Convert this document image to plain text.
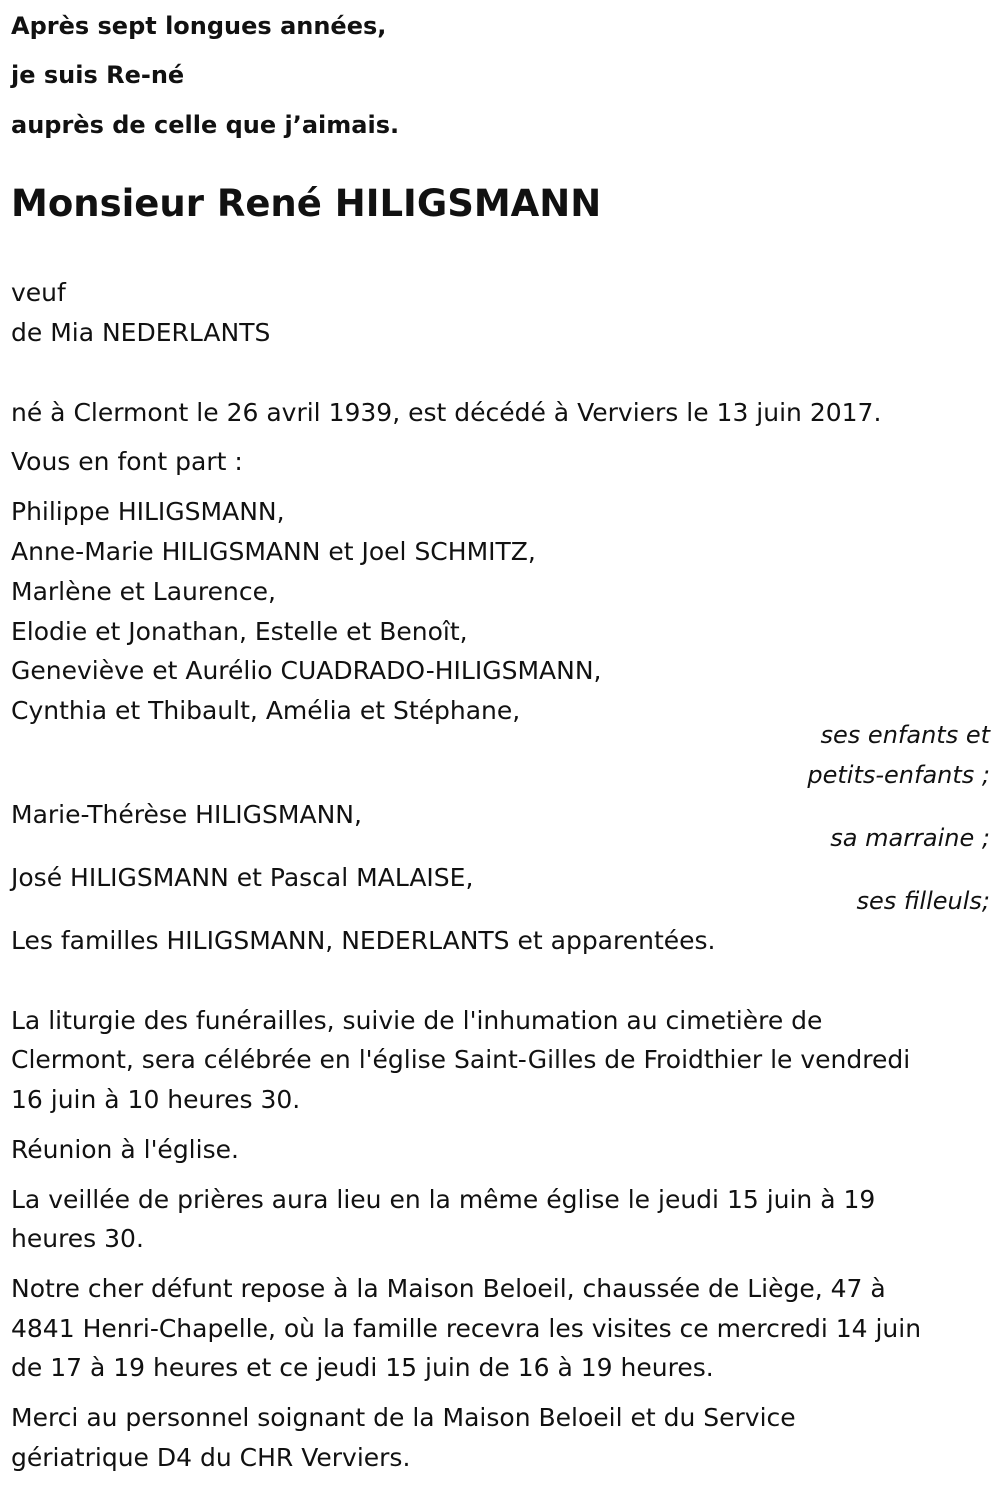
Après sept longues années,
je suis Re-né
auprès de celle que j’aimais.
Monsieur René HILIGSMANN
veuf
de Mia NEDERLANTS
né à Clermont le 26 avril 1939, est décédé à Verviers le 13 juin 2017.
Vous en font part :
Philippe HILIGSMANN,
Anne-Marie HILIGSMANN et Joel SCHMITZ,
Marlène et Laurence,
Elodie et Jonathan, Estelle et Benoît,
Geneviève et Aurélio CUADRADO-HILIGSMANN,
Cynthia et Thibault, Amélia et Stéphane,
ses enfants et
petits-enfants ;
Marie-Thérèse HILIGSMANN,
sa marraine ;
José HILIGSMANN et Pascal MALAISE,
ses filleuls;
Les familles HILIGSMANN, NEDERLANTS et apparentées.
La liturgie des funérailles, suivie de l'inhumation au cimetière de
Clermont, sera célébrée en l'église Saint-Gilles de Froidthier le vendredi
16 juin à 10 heures 30.
Réunion à l'église.
La veillée de prières aura lieu en la même église le jeudi 15 juin à 19
heures 30.
Notre cher défunt repose à la Maison Beloeil, chaussée de Liège, 47 à
4841 Henri-Chapelle, où la famille recevra les visites ce mercredi 14 juin
de 17 à 19 heures et ce jeudi 15 juin de 16 à 19 heures.
Merci au personnel soignant de la Maison Beloeil et du Service
gériatrique D4 du CHR Verviers.
